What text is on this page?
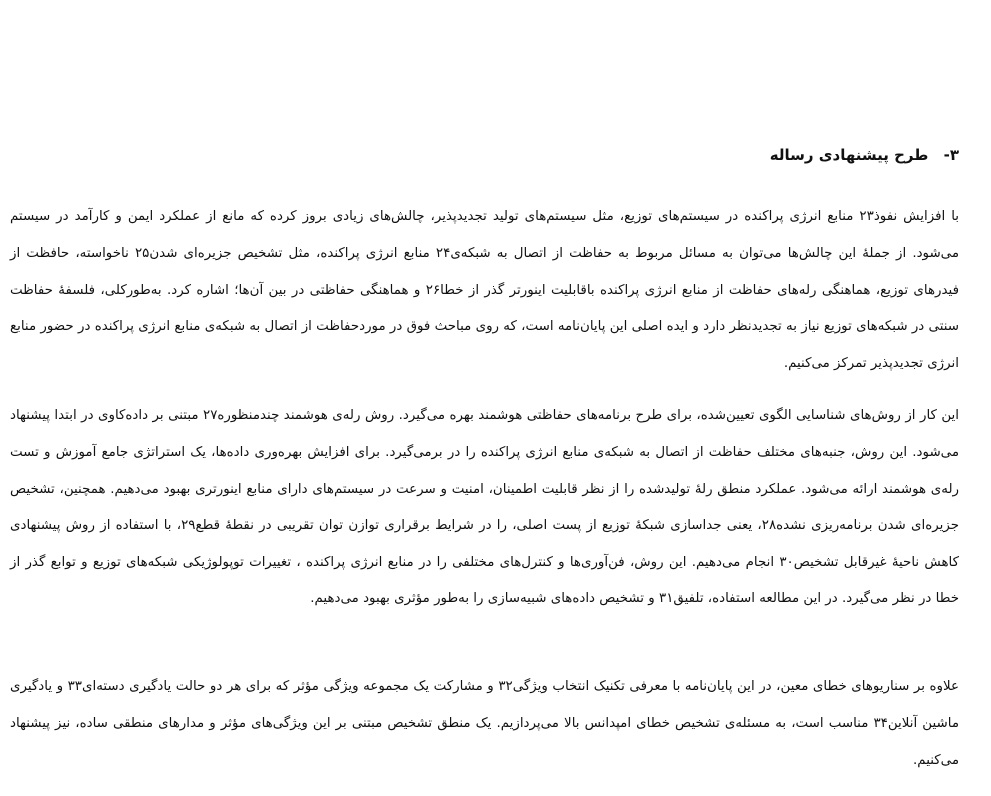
۳- طرح پیشنهادی رساله

با افزایش نفوذ۲۳ منابع انرژی پراکنده در سیستم‌های توزیع، مثل سیستم‌های تولید تجدیدپذیر، چالش‌های زیادی بروز کرده که مانع از عملکرد ایمن و کارآمد در سیستم می‌شود. از جملهٔ این چالش‌ها می‌توان به مسائل مربوط به حفاظت از اتصال به شبکه‌ی۲۴ منابع انرژی پراکنده، مثل تشخیص جزیره‌ای شدن۲۵ ناخواسته، حافظت از فیدرهای توزیع، هماهنگی رله‌های حفاظت از منابع انرژی پراکنده باقابلیت اینورتر گذر از خطا۲۶ و هماهنگی حفاظتی در بین آن‌ها؛ اشاره کرد. به‌طورکلی، فلسفهٔ حفاظت سنتی در شبکه‌های توزیع نیاز به تجدیدنظر دارد و ایده اصلی این پایان‌نامه است، که روی مباحث فوق در موردحفاظت از اتصال به شبکه‌ی منابع انرژی پراکنده در حضور منابع انرژی تجدیدپذیر تمرکز می‌کنیم.

این کار از روش‌های شناسایی الگوی تعیین‌شده، برای طرح برنامه‌های حفاظتی هوشمند بهره می‌گیرد. روش رله‌ی هوشمند چندمنظوره۲۷ مبتنی بر داده‌کاوی در ابتدا پیشنهاد می‌شود. این روش، جنبه‌های مختلف حفاظت از اتصال به شبکه‌ی منابع انرژی پراکنده را در برمی‌گیرد. برای افزایش بهره‌وری داده‌ها، یک استراتژی جامع آموزش و تست رله‌ی هوشمند ارائه می‌شود. عملکرد منطق رلهٔ تولیدشده را از نظر قابلیت اطمینان، امنیت و سرعت در سیستم‌های دارای منابع اینورتری بهبود می‌دهیم. همچنین، تشخیص جزیره‌ای شدن برنامه‌ریزی نشده۲۸، یعنی جداسازی شبکهٔ توزیع از پست اصلی، را در شرایط برقراری توازن توان تقریبی در نقطهٔ قطع۲۹، با استفاده از روش پیشنهادی کاهش ناحیهٔ غیرقابل تشخیص۳۰ انجام می‌دهیم. این روش، فن‌آوری‌ها و کنترل‌های مختلفی را در منابع انرژی پراکنده ، تغییرات توپولوژیکی شبکه‌های توزیع و توابع گذر از خطا در نظر می‌گیرد. در این مطالعه استفاده، تلفیق۳۱ و تشخیص داده‌های شبیه‌سازی را به‌طور مؤثری بهبود می‌دهیم.

علاوه بر سناریوهای خطای معین، در این پایان‌نامه با معرفی تکنیک انتخاب ویژگی۳۲ و مشارکت یک مجموعه ویژگی مؤثر که برای هر دو حالت یادگیری دسته‌ای۳۳ و یادگیری ماشین آنلاین۳۴ مناسب است، به مسئله‌ی تشخیص خطای امپدانس بالا می‌پردازیم. یک منطق تشخیص مبتنی بر این ویژگی‌های مؤثر و مدارهای منطقی ساده، نیز پیشنهاد می‌کنیم.
